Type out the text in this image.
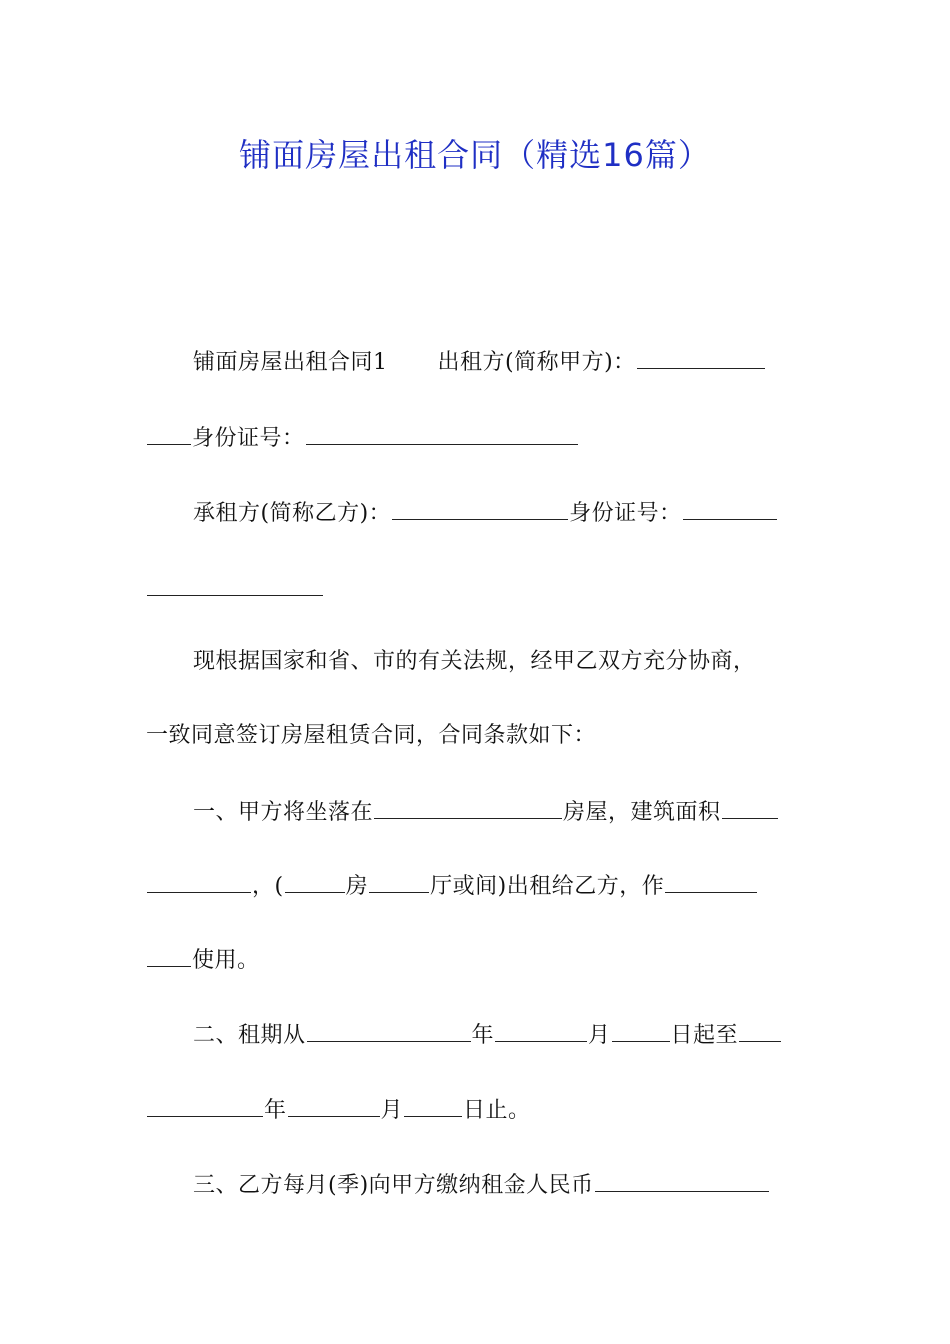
铺面房屋出租合同（精选16篇）
铺面房屋出租合同1 出租方(简称甲方)：
身份证号：
承租方(简称乙方)：	身份证号：
现根据国家和省、市的有关法规，经甲乙双方充分协商，
一致同意签订房屋租赁合同，合同条款如下：
一、甲方将坐落在	房屋，建筑面积
，(	房	厅或间)出租给乙方，作
使用。
二、租期从	年	月	日起至
年	月	日止。
三、乙方每月(季)向甲方缴纳租金人民币
